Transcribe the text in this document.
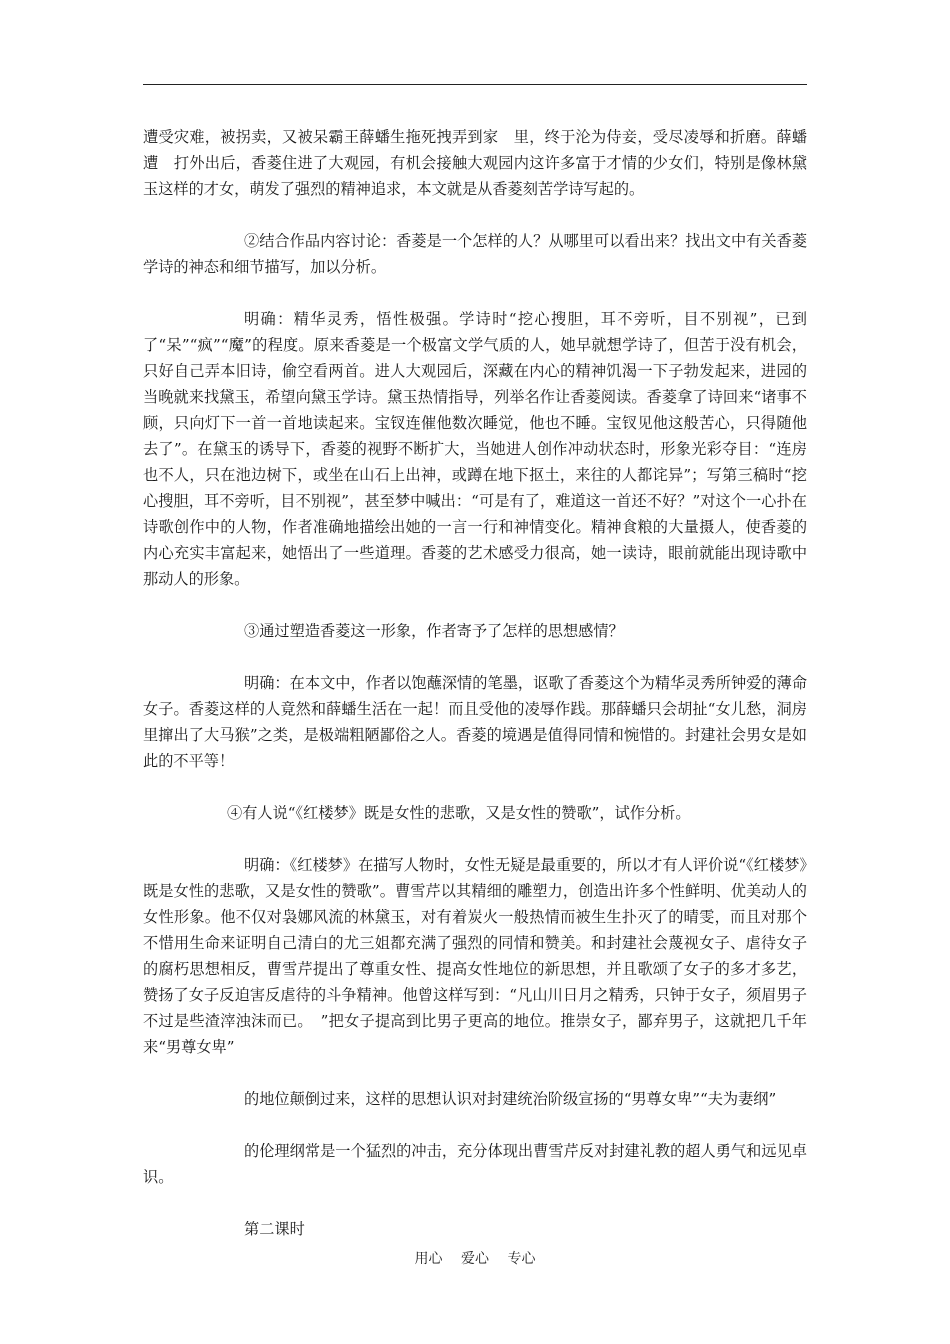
遭受灾难，被拐卖，又被呆霸王薛蟠生拖死拽弄到家　里，终于沦为侍妾，受尽凌辱和折磨。薛蟠遭　打外出后，香菱住进了大观园，有机会接触大观园内这许多富于才情的少女们，特别是像林黛玉这样的才女，萌发了强烈的精神追求，本文就是从香菱刻苦学诗写起的。

②结合作品内容讨论：香菱是一个怎样的人？从哪里可以看出来？找出文中有关香菱学诗的神态和细节描写，加以分析。

明确：精华灵秀，悟性极强。学诗时“挖心搜胆，耳不旁听，目不别视”，已到了“呆”“疯”“魔”的程度。原来香菱是一个极富文学气质的人，她早就想学诗了，但苦于没有机会，只好自己弄本旧诗，偷空看两首。进人大观园后，深藏在内心的精神饥渴一下子勃发起来，进园的当晚就来找黛玉，希望向黛玉学诗。黛玉热情指导，列举名作让香菱阅读。香菱拿了诗回来“诸事不顾，只向灯下一首一首地读起来。宝钗连催他数次睡觉，他也不睡。宝钗见他这般苦心，只得随他去了”。在黛玉的诱导下，香菱的视野不断扩大，当她进人创作冲动状态时，形象光彩夺目：“连房也不人，只在池边树下，或坐在山石上出神，或蹲在地下抠土，来往的人都诧异”；写第三稿时“挖心搜胆，耳不旁听，目不别视”，甚至梦中喊出：“可是有了，难道这一首还不好？”对这个一心扑在诗歌创作中的人物，作者准确地描绘出她的一言一行和神情变化。精神食粮的大量摄人，使香菱的内心充实丰富起来，她悟出了一些道理。香菱的艺术感受力很高，她一读诗，眼前就能出现诗歌中那动人的形象。

③通过塑造香菱这一形象，作者寄予了怎样的思想感情？

明确：在本文中，作者以饱蘸深情的笔墨，讴歌了香菱这个为精华灵秀所钟爱的薄命女子。香菱这样的人竟然和薛蟠生活在一起！而且受他的凌辱作践。那薛蟠只会胡扯“女儿愁，洞房里撺出了大马猴”之类，是极端粗陋鄙俗之人。香菱的境遇是值得同情和惋惜的。封建社会男女是如此的不平等！

④有人说“《红楼梦》既是女性的悲歌，又是女性的赞歌”，试作分析。

明确：《红楼梦》在描写人物时，女性无疑是最重要的，所以才有人评价说“《红楼梦》既是女性的悲歌，又是女性的赞歌”。曹雪芹以其精细的雕塑力，创造出许多个性鲜明、优美动人的女性形象。他不仅对袅娜风流的林黛玉，对有着炭火一般热情而被生生扑灭了的晴雯，而且对那个不惜用生命来证明自己清白的尤三姐都充满了强烈的同情和赞美。和封建社会蔑视女子、虐待女子的腐朽思想相反，曹雪芹提出了尊重女性、提高女性地位的新思想，并且歌颂了女子的多才多艺，赞扬了女子反迫害反虐待的斗争精神。他曾这样写到：“凡山川日月之精秀，只钟于女子，须眉男子不过是些渣滓浊沫而已。　”把女子提高到比男子更高的地位。推崇女子，鄙弃男子，这就把几千年来“男尊女卑”

的地位颠倒过来，这样的思想认识对封建统治阶级宣扬的“男尊女卑”“夫为妻纲”

的伦理纲常是一个猛烈的冲击，充分体现出曹雪芹反对封建礼教的超人勇气和远见卓识。

第二课时

用心 爱心 专心
